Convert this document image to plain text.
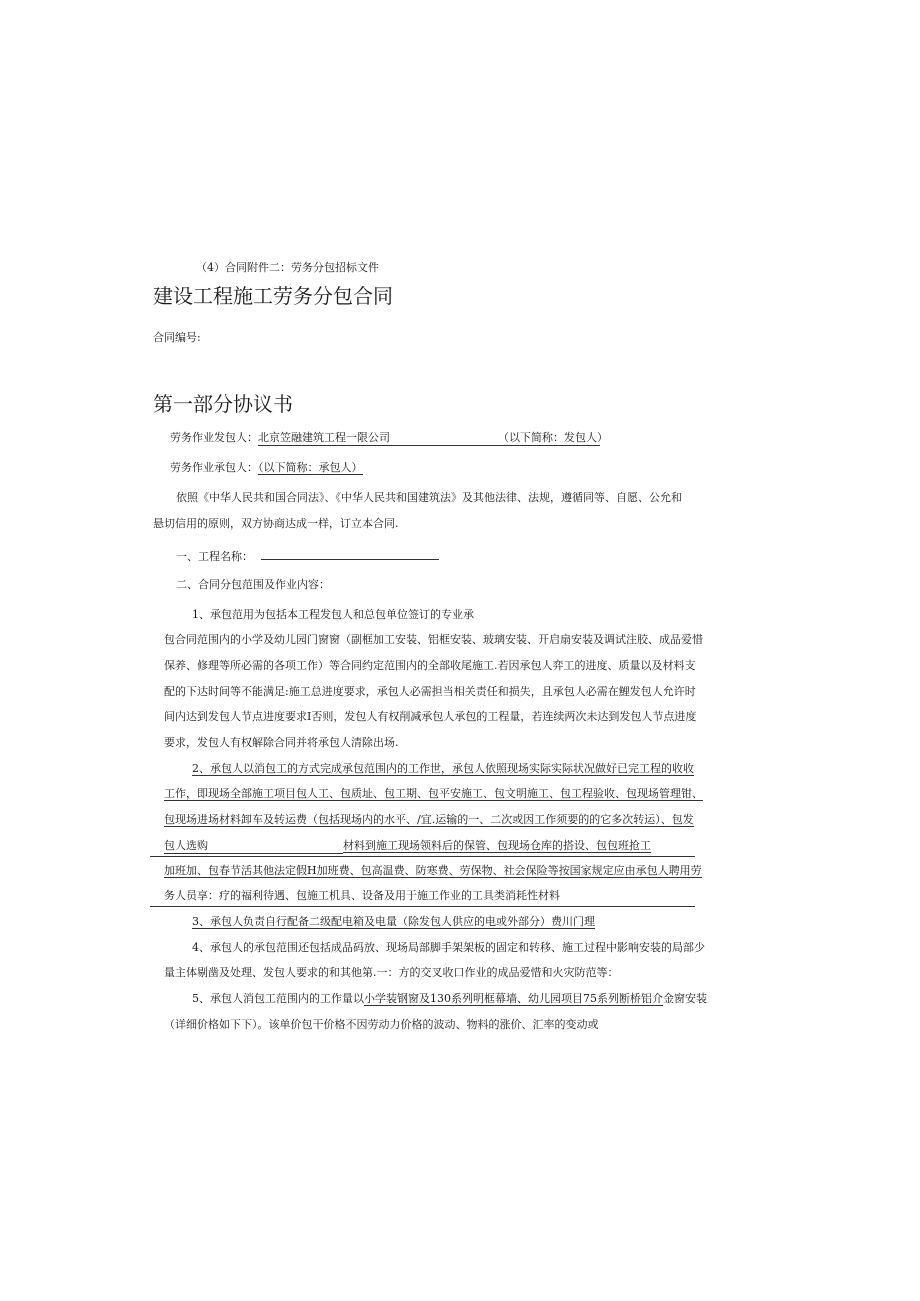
（4）合同附件二：劳务分包招标文件
建设工程施工劳务分包合同
合同编号:
第一部分协议书
劳务作业发包人：北京笠融建筑工程一限公司	（以下简称：发包人）
劳务作业承包人：（以下简称：承包人）
依照《中华人民共和国合同法》、《中华人民共和国建筑法》及其他法律、法规，遵循同等、自愿、公允和
悬切信用的原则，双方协商达成一样，订立本合同.
一、工程名称：
二、合同分包范围及作业内容：
1、承包范用为包括本工程发包人和总包单位签订的专业承
包合同范围内的小学及幼儿园门窗窗（副框加工安装、铝框安装、玻璃安装、开启扇安装及调试注胶、成品爱惜
保养、修理等所必需的各项工作）等合同约定范围内的全部收尾施工.若因承包人弈工的进度、质量以及材料支
配的下达时间等不能满足:施工总进度要求，承包人必需担当相关责任和损失，且承包人必需在鯉发包人允许时
间内达到发包人节点进度要求I否则，发包人有权削减承包人承包的工程量，若连续两次未达到发包人节点进度
要求，发包人有权解除合同并将承包人清除出场.
2、承包人以消包工的方式完成承包范围内的工作世，承包人依照现场实际实际状况做好已完工程的收收
工作，即现场全部施工项目包人工、包质址、包工期、包平安施工、包文明施工、包工程验收、包现场管理钳、
包现场进场材料卸车及转运费（包括现场内的水平、/宜.运输的一、二次或因工作须要的的它多次转运）、包发
包人选购	材料到施工现场领料后的保管、包现场仓库的搭设、包包班抢工
加班加、包春节活其他法定假H加班费、包高温费、防寒费、劳保物、社会保险等按国家规定应由承包人聘用劳
务人员享：疗的福利待遇、包施工机具、设备及用于施工作业的工具类消耗性材料
3、承包人负责自行配备二级配电箱及电量（除发包人供应的电或外部分）费川门理
4、承包人的承包范围还包括成品码放、现场局部脚手架架板的固定和转移、施工过程中影响安装的局部少
量主体剔凿及处理、发包人要求的和其他第.一：方的交叉收口作业的成品爱惜和火灾防范等：
5、承包人消包工范围内的工作量以小学装钢窗及130系列明框幕墙、幼儿园项目75系列断桥铝介金窗安装
（详细价格如下下）。该单价包干价格不因劳动力价格的波动、物料的涨价、汇率的变动或
